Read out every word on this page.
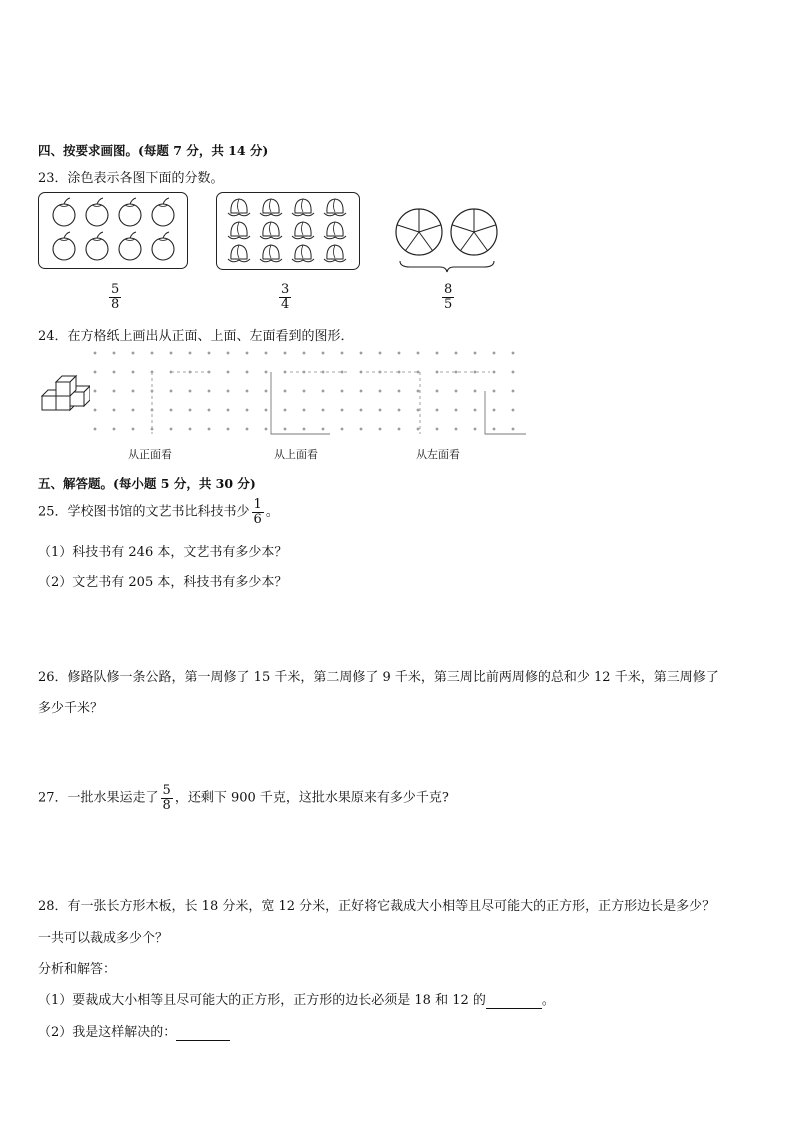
四、按要求画图。(每题 7 分，共 14 分)
23．涂色表示各图下面的分数。
$\frac{5}{8}$	$\frac{3}{4}$	$\frac{8}{5}$
24．在方格纸上画出从正面、上面、左面看到的图形．
从正面看	从上面看	从左面看
五、解答题。(每小题 5 分，共 30 分)
25．学校图书馆的文艺书比科技书少 $\frac{1}{6}$ 。
（1）科技书有 246 本，文艺书有多少本？
（2）文艺书有 205 本，科技书有多少本？
26．修路队修一条公路，第一周修了 15 千米，第二周修了 9 千米，第三周比前两周修的总和少 12 千米，第三周修了
多少千米？
27．一批水果运走了 $\frac{5}{8}$ ，还剩下 900 千克，这批水果原来有多少千克?
28．有一张长方形木板，长 18 分米，宽 12 分米，正好将它裁成大小相等且尽可能大的正方形，正方形边长是多少？
一共可以裁成多少个？
分析和解答：
（1）要裁成大小相等且尽可能大的正方形，正方形的边长必须是 18 和 12 的	。
（2）我是这样解决的：
